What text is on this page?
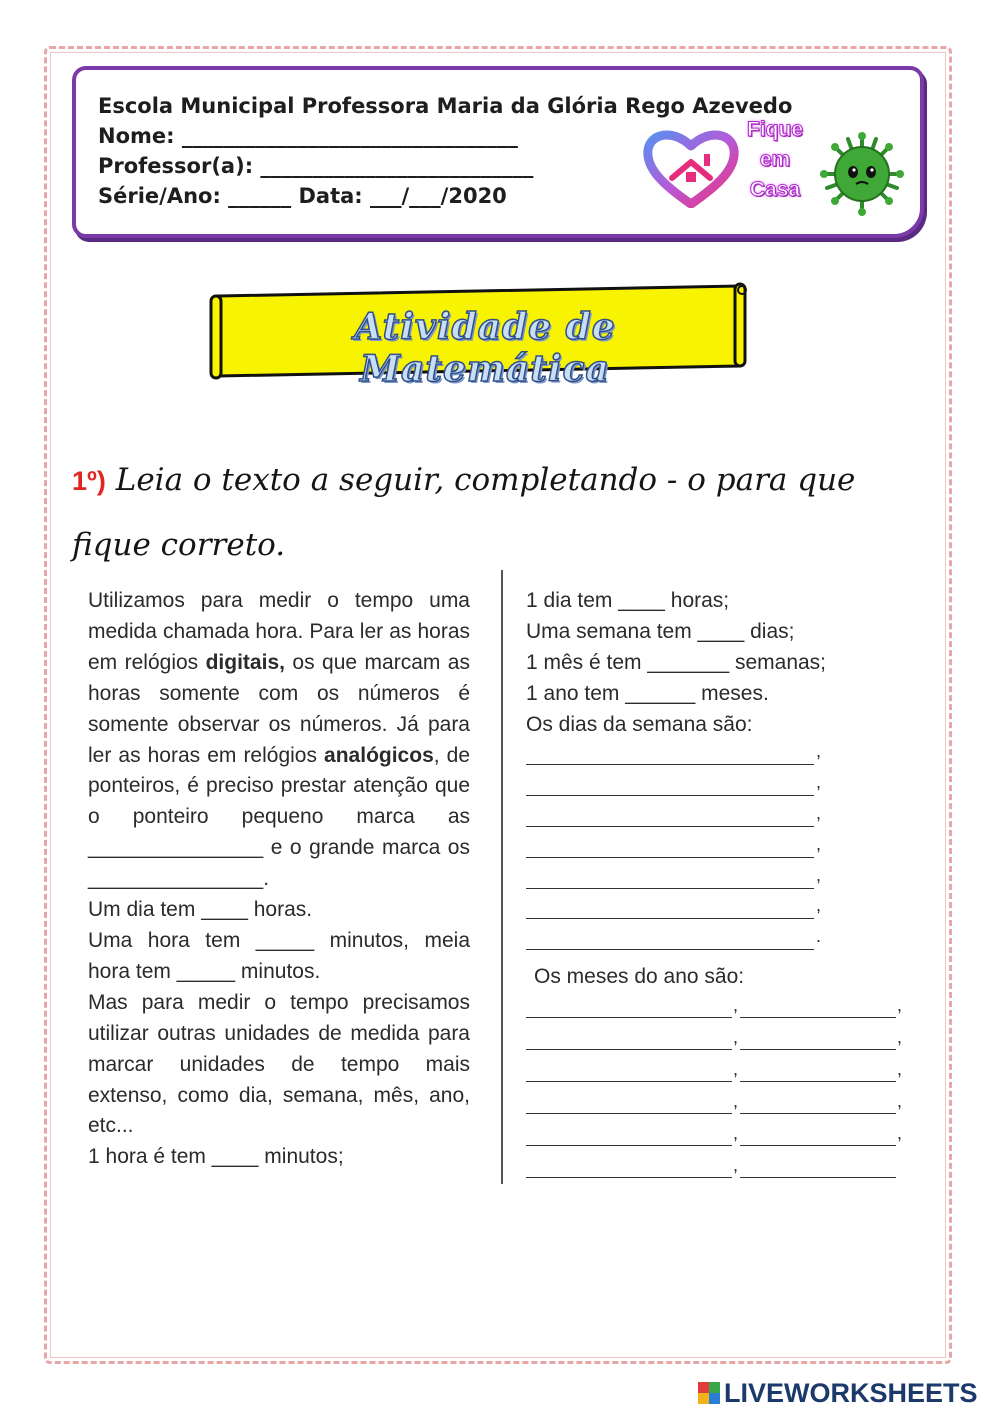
Escola Municipal Professora Maria da Glória Rego Azevedo
Nome: ________________________________
Professor(a): __________________________
Série/Ano: ______ Data: ___/___/2020
Fique
em
Casa
Atividade de Matemática
1º) Leia o texto a seguir, completando - o para que fique correto.
Utilizamos para medir o tempo uma
medida chamada hora. Para ler as horas
em relógios digitais, os que marcam as
horas somente com os números é
somente observar os números. Já para
ler as horas em relógios analógicos, de
ponteiros, é preciso prestar atenção que
o ponteiro pequeno marca as
_______________ e o grande marca os
_______________.
Um dia tem ____ horas.
Uma hora tem _____ minutos, meia
hora tem _____ minutos.
Mas para medir o tempo precisamos
utilizar outras unidades de medida para
marcar unidades de tempo mais
extenso, como dia, semana, mês, ano,
etc...
1 hora é tem ____ minutos;
1 dia tem ____ horas;
Uma semana tem ____ dias;
1 mês é tem _______ semanas;
1 ano tem ______ meses.
Os dias da semana são:
,
,
,
,
,
,
.
Os meses do ano são:
,	,
,	,
,	,
,	,
,	,
,
LIVEWORKSHEETS
